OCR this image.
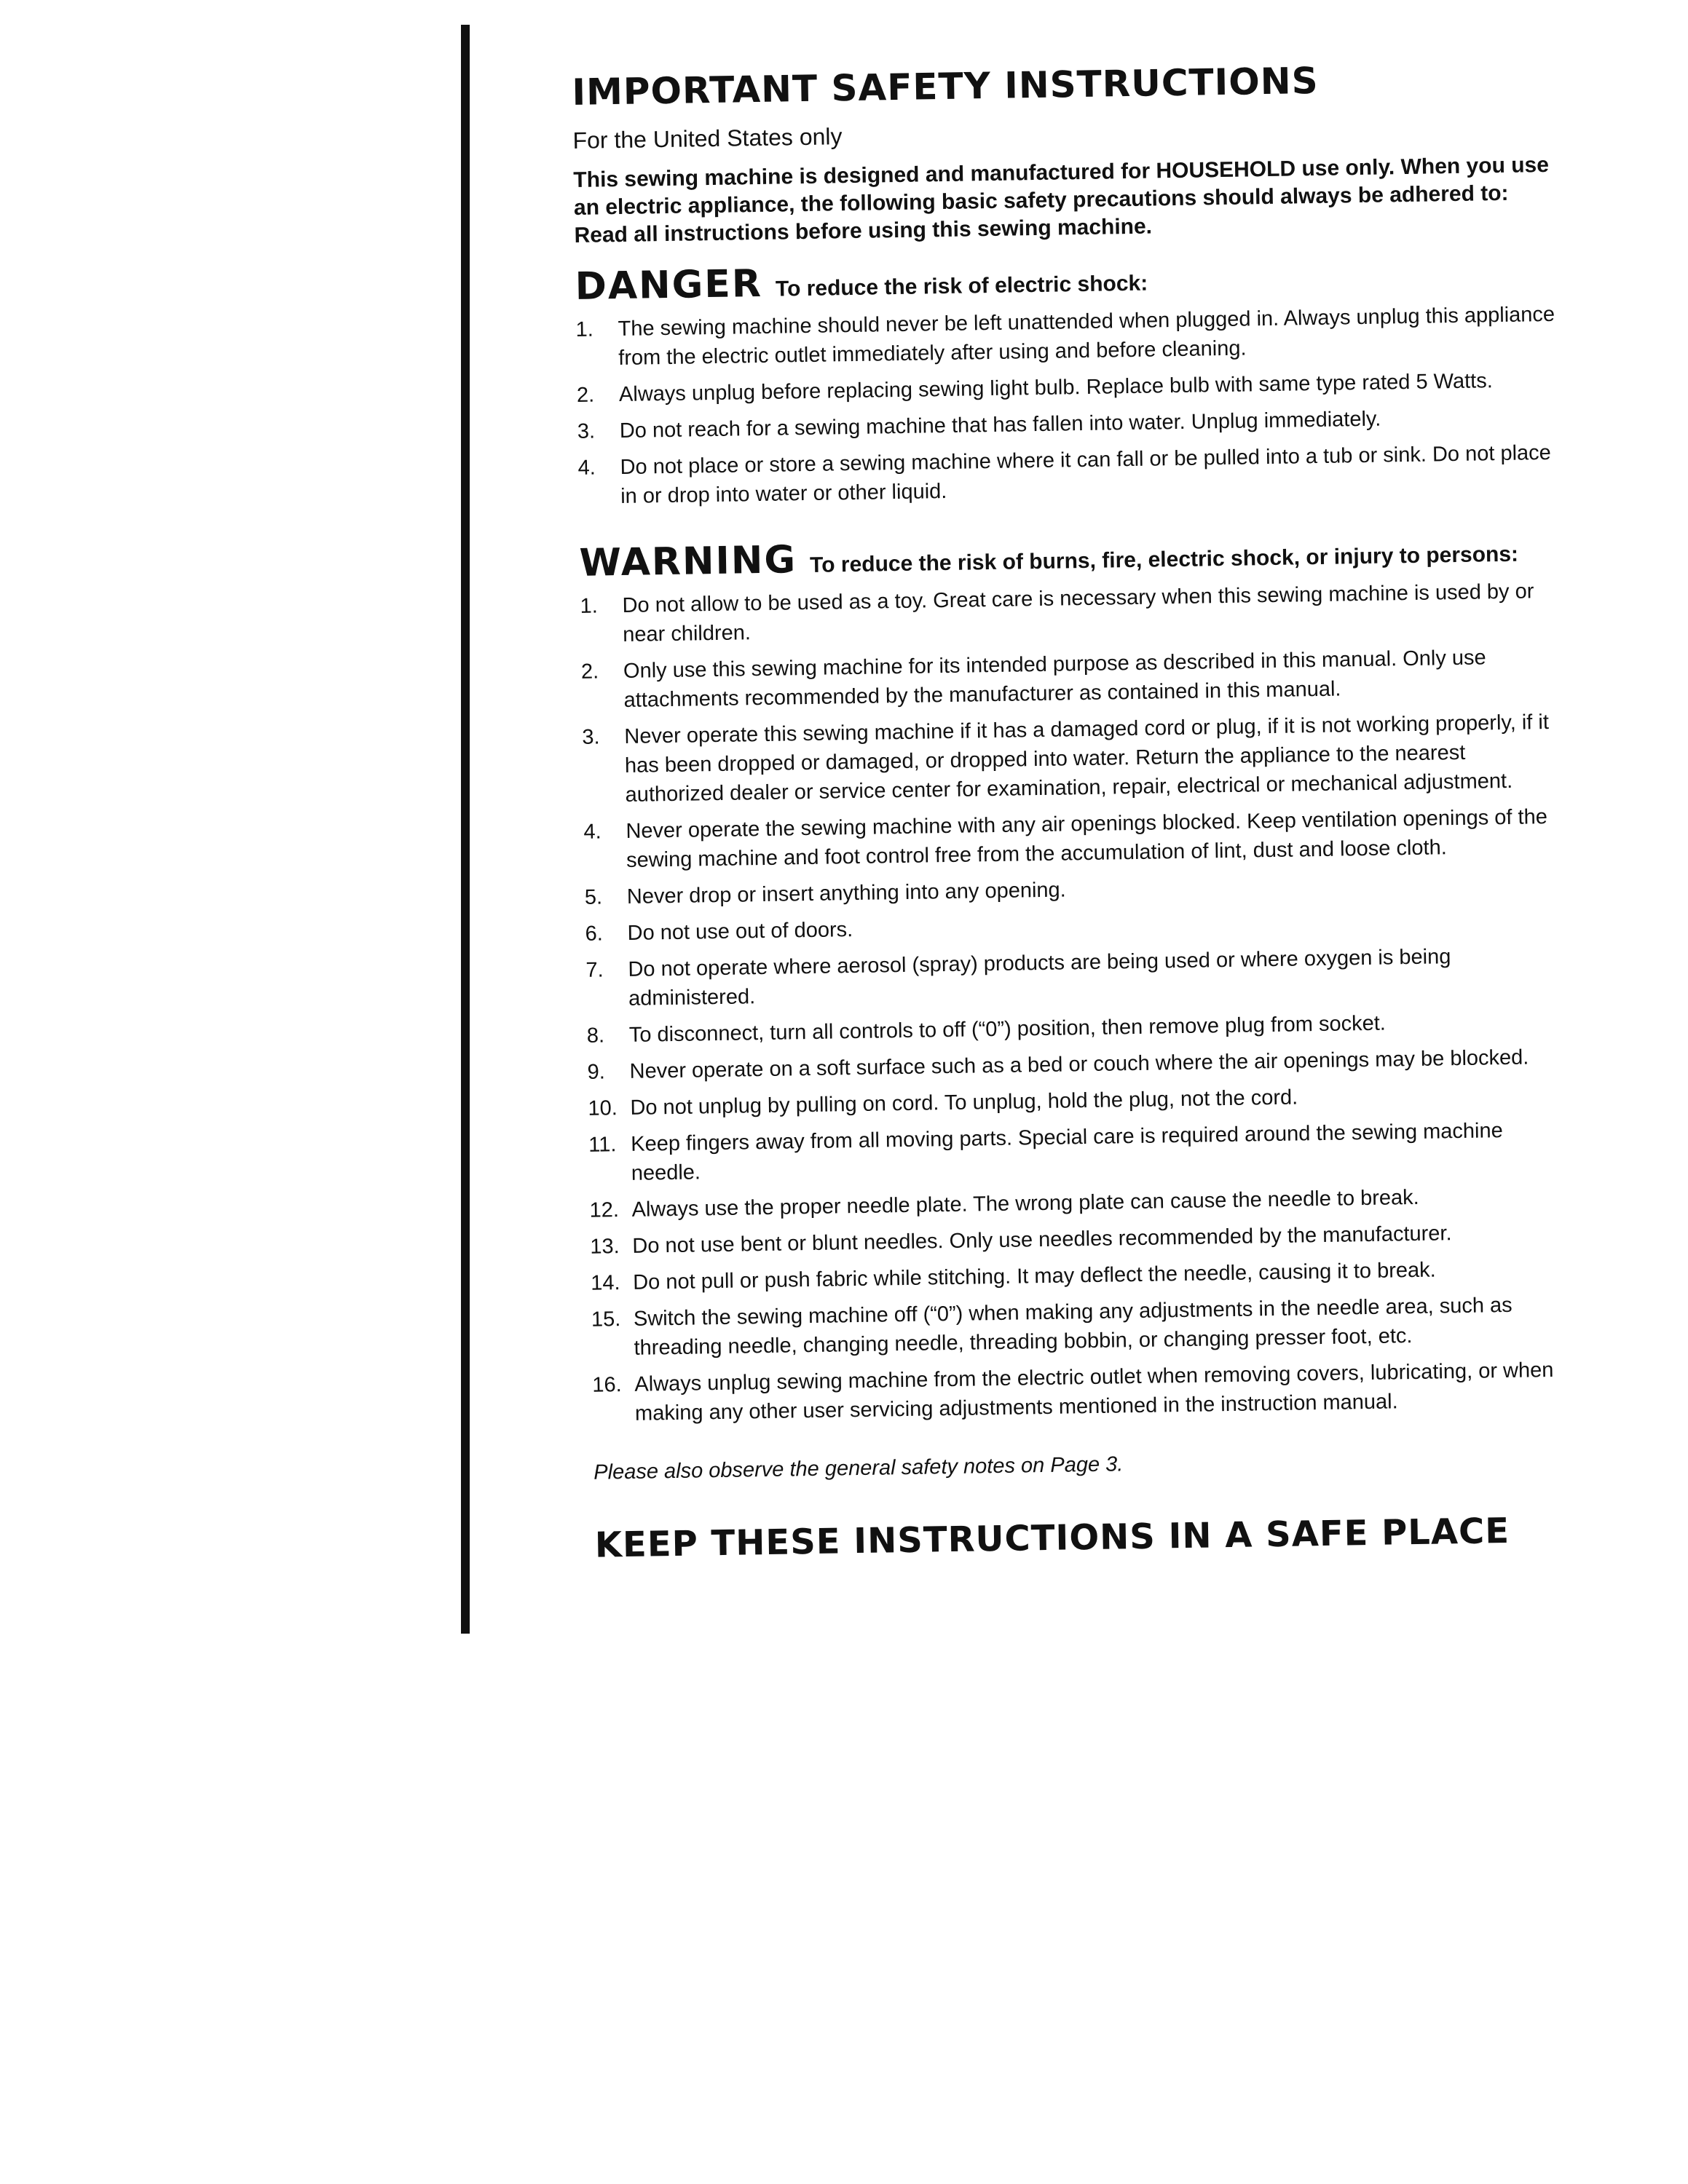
IMPORTANT SAFETY INSTRUCTIONS
For the United States only
This sewing machine is designed and manufactured for HOUSEHOLD use only. When you use an electric appliance, the following basic safety precautions should always be adhered to: Read all instructions before using this sewing machine.
DANGER To reduce the risk of electric shock:
1.	The sewing machine should never be left unattended when plugged in. Always unplug this appliance from the electric outlet immediately after using and before cleaning.
2.	Always unplug before replacing sewing light bulb. Replace bulb with same type rated 5 Watts.
3.	Do not reach for a sewing machine that has fallen into water. Unplug immediately.
4.	Do not place or store a sewing machine where it can fall or be pulled into a tub or sink. Do not place in or drop into water or other liquid.
WARNING To reduce the risk of burns, fire, electric shock, or injury to persons:
1.	Do not allow to be used as a toy. Great care is necessary when this sewing machine is used by or near children.
2.	Only use this sewing machine for its intended purpose as described in this manual. Only use attachments recommended by the manufacturer as contained in this manual.
3.	Never operate this sewing machine if it has a damaged cord or plug, if it is not working properly, if it has been dropped or damaged, or dropped into water. Return the appliance to the nearest authorized dealer or service center for examination, repair, electrical or mechanical adjustment.
4.	Never operate the sewing machine with any air openings blocked. Keep ventilation openings of the sewing machine and foot control free from the accumulation of lint, dust and loose cloth.
5.	Never drop or insert anything into any opening.
6.	Do not use out of doors.
7.	Do not operate where aerosol (spray) products are being used or where oxygen is being administered.
8.	To disconnect, turn all controls to off (“0”) position, then remove plug from socket.
9.	Never operate on a soft surface such as a bed or couch where the air openings may be blocked.
10. Do not unplug by pulling on cord. To unplug, hold the plug, not the cord.
11. Keep fingers away from all moving parts. Special care is required around the sewing machine needle.
12. Always use the proper needle plate. The wrong plate can cause the needle to break.
13. Do not use bent or blunt needles. Only use needles recommended by the manufacturer.
14. Do not pull or push fabric while stitching. It may deflect the needle, causing it to break.
15. Switch the sewing machine off (“0”) when making any adjustments in the needle area, such as threading needle, changing needle, threading bobbin, or changing presser foot, etc.
16. Always unplug sewing machine from the electric outlet when removing covers, lubricating, or when making any other user servicing adjustments mentioned in the instruction manual.
Please also observe the general safety notes on Page 3.
KEEP THESE INSTRUCTIONS IN A SAFE PLACE
